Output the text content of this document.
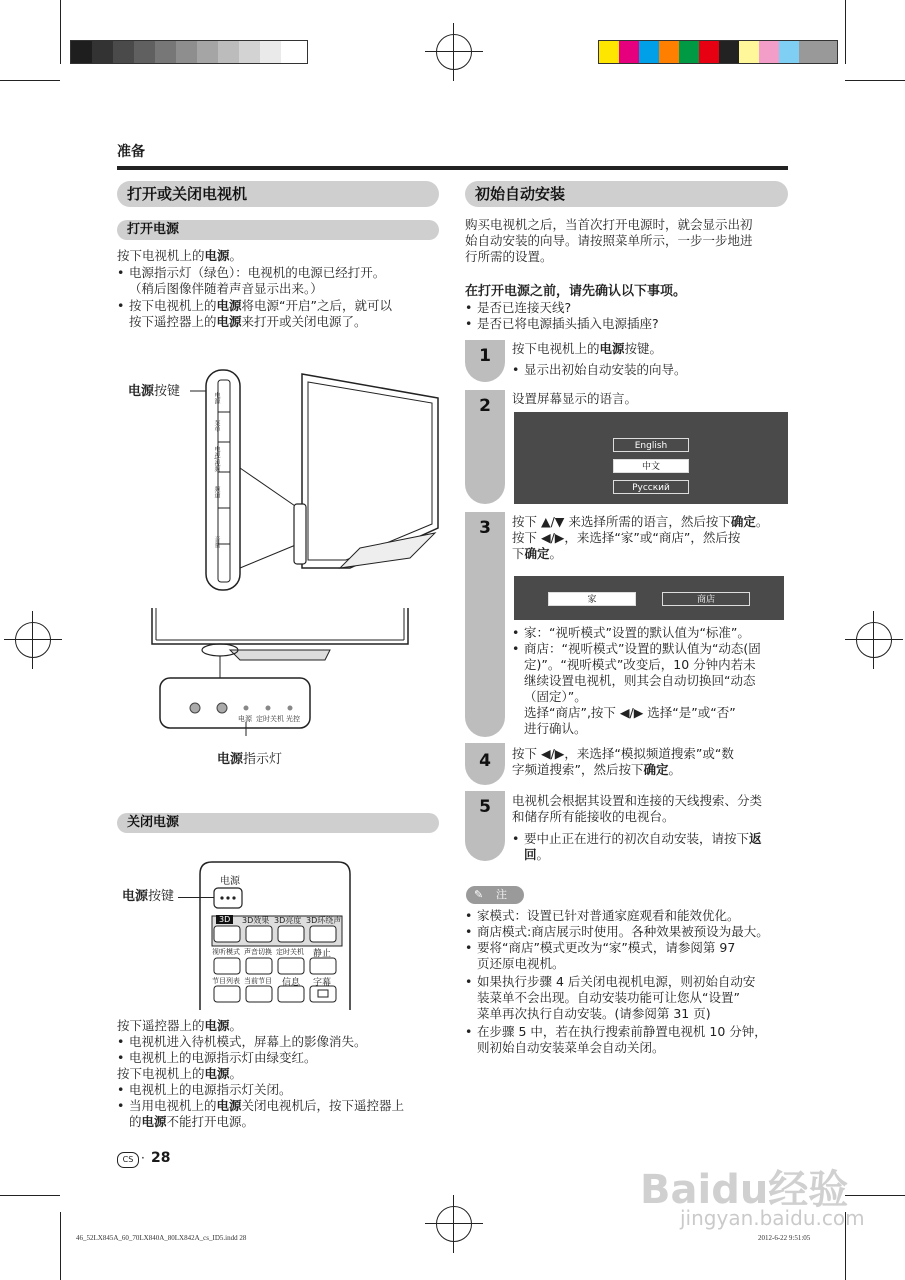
准备
打开或关闭电视机
打开电源
按下电视机上的电源。
• 电源指示灯（绿色）：电视机的电源已经打开。
（稍后图像伴随着声音显示出来。）
• 按下电视机上的电源将电源“开启”之后，就可以
按下遥控器上的电源来打开或关闭电源了。
电源按键	电源
菜单
电视/视频
频道
音量
电源 定时关机 光控
电源指示灯
关闭电源
电源
3D	3D效果 3D亮度 3D环绕声
视听模式 声音切换 定时关机 静止
节目列表 当前节目 信息 字幕
电源按键
按下遥控器上的电源。
• 电视机进入待机模式，屏幕上的影像消失。
• 电视机上的电源指示灯由绿变红。
按下电视机上的电源。
• 电视机上的电源指示灯关闭。
• 当用电视机上的电源关闭电视机后，按下遥控器上
的电源不能打开电源。
CS · 28
初始自动安装
购买电视机之后，当首次打开电源时，就会显示出初
始自动安装的向导。请按照菜单所示，一步一步地进
行所需的设置。
在打开电源之前，请先确认以下事项。
• 是否已连接天线?
• 是否已将电源插头插入电源插座?
1	按下电视机上的电源按键。
• 显示出初始自动安装的向导。
2	设置屏幕显示的语言。
English
中文
Русский
3	按下 ▲/▼ 来选择所需的语言，然后按下确定。
按下 ◀/▶，来选择“家”或“商店”，然后按
下确定。
家	商店
• 家：“视听模式”设置的默认值为“标准”。
• 商店：“视听模式”设置的默认值为“动态(固
定)”。“视听模式”改变后，10 分钟内若未
继续设置电视机，则其会自动切换回“动态
（固定）”。
选择“商店”,按下 ◀/▶ 选择“是”或“否”
进行确认。
4	按下 ◀/▶，来选择“模拟频道搜索”或“数
字频道搜索”，然后按下确定。
5	电视机会根据其设置和连接的天线搜索、分类
和储存所有能接收的电视台。
• 要中止正在进行的初次自动安装，请按下返
回。
✎ 注
• 家模式：设置已针对普通家庭观看和能效优化。
• 商店模式:商店展示时使用。各种效果被预设为最大。
• 要将“商店”模式更改为“家”模式，请参阅第 97
页还原电视机。
• 如果执行步骤 4 后关闭电视机电源，则初始自动安
装菜单不会出现。自动安装功能可让您从“设置”
菜单再次执行自动安装。(请参阅第 31 页)
• 在步骤 5 中，若在执行搜索前静置电视机 10 分钟，
则初始自动安装菜单会自动关闭。
Baidu经验
jingyan.baidu.com
46_52LX845A_60_70LX840A_80LX842A_cs_ID5.indd 28	2012-6-22 9:51:05
